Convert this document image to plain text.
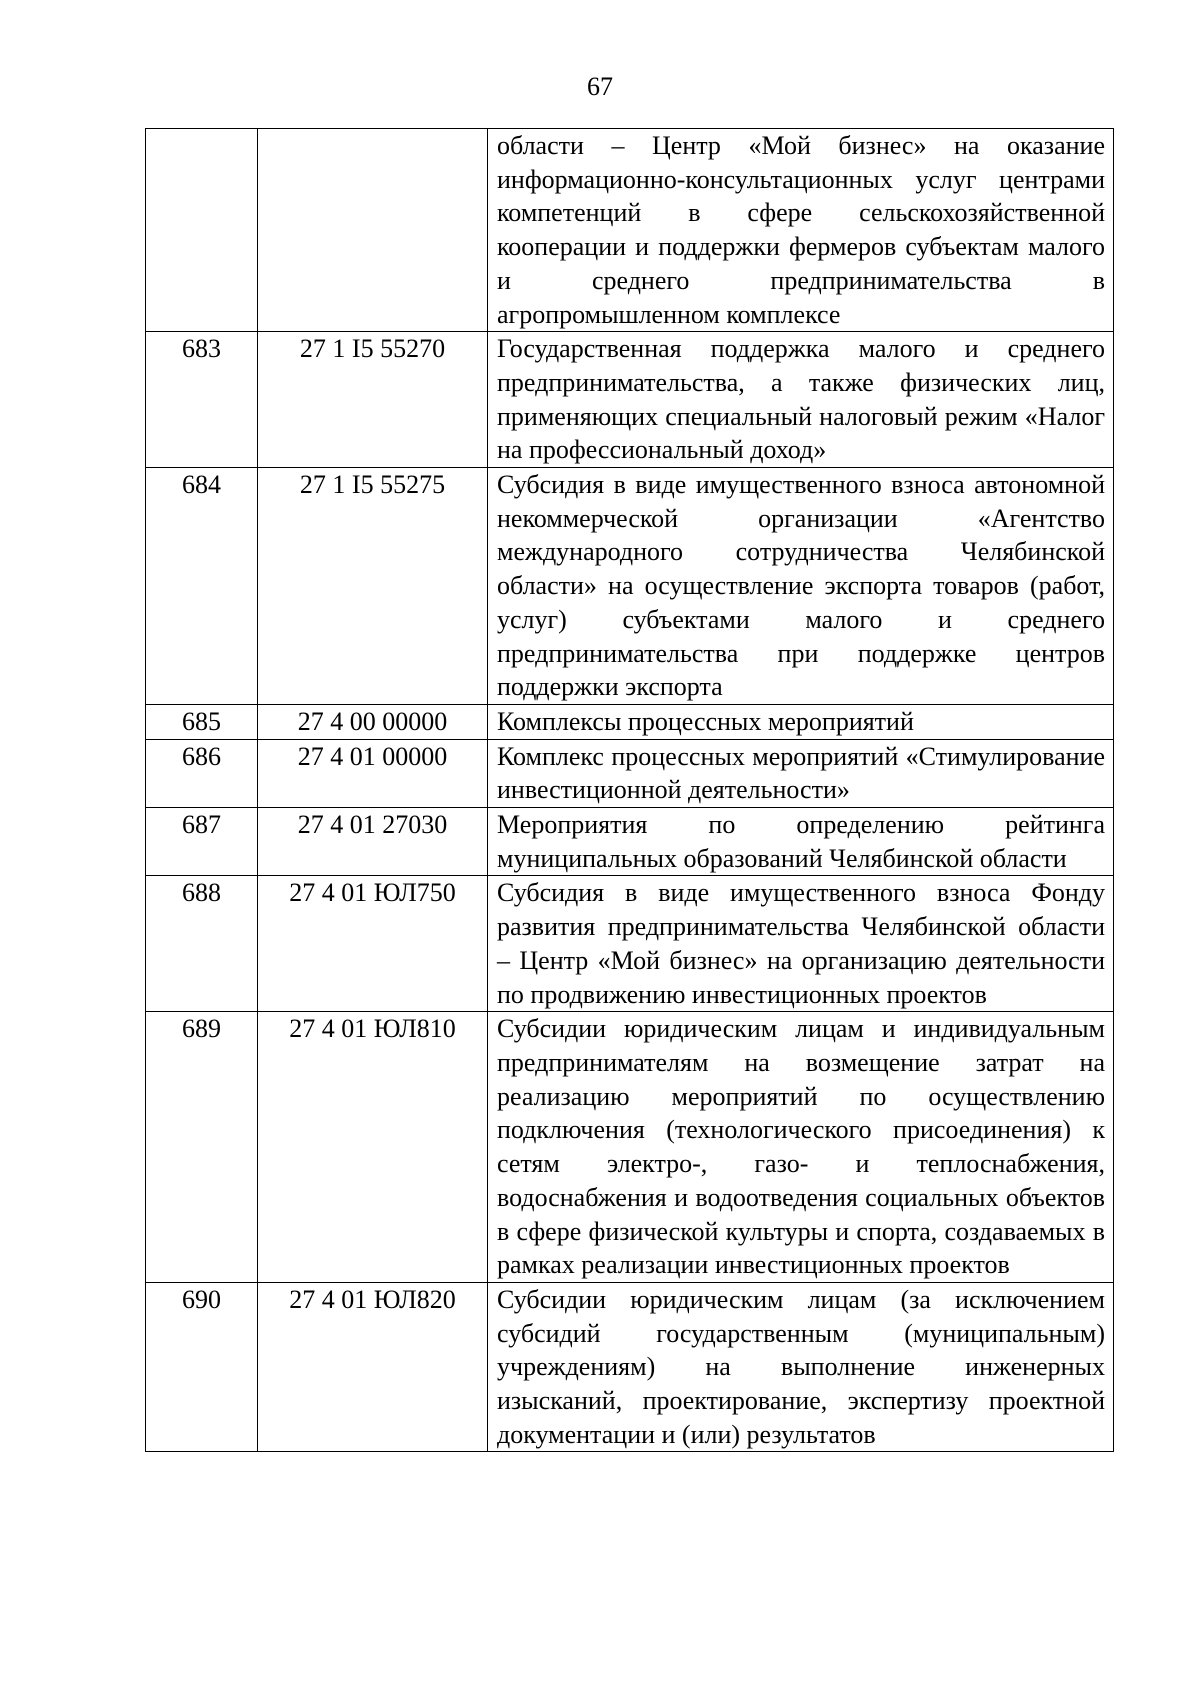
67
		области – Центр «Мой бизнес» на оказание информационно-консультационных услуг центрами компетенций в сфере сельскохозяйственной кооперации и поддержки фермеров субъектам малого и среднего предпринимательства в агропромышленном комплексе
683	27 1 I5 55270	Государственная поддержка малого и среднего предпринимательства, а также физических лиц, применяющих специальный налоговый режим «Налог на профессиональный доход»
684	27 1 I5 55275	Субсидия в виде имущественного взноса автономной некоммерческой организации «Агентство международного сотрудничества Челябинской области» на осуществление экспорта товаров (работ, услуг) субъектами малого и среднего предпринимательства при поддержке центров поддержки экспорта
685	27 4 00 00000	Комплексы процессных мероприятий
686	27 4 01 00000	Комплекс процессных мероприятий «Стимулирование инвестиционной деятельности»
687	27 4 01 27030	Мероприятия по определению рейтинга муниципальных образований Челябинской области
688	27 4 01 ЮЛ750	Субсидия в виде имущественного взноса Фонду развития предпринимательства Челябинской области – Центр «Мой бизнес» на организацию деятельности по продвижению инвестиционных проектов
689	27 4 01 ЮЛ810	Субсидии юридическим лицам и индивидуальным предпринимателям на возмещение затрат на реализацию мероприятий по осуществлению подключения (технологического присоединения) к сетям электро-, газо- и теплоснабжения, водоснабжения и водоотведения социальных объектов в сфере физической культуры и спорта, создаваемых в рамках реализации инвестиционных проектов
690	27 4 01 ЮЛ820	Субсидии юридическим лицам (за исключением субсидий государственным (муниципальным) учреждениям) на выполнение инженерных изысканий, проектирование, экспертизу проектной документации и (или) результатов
